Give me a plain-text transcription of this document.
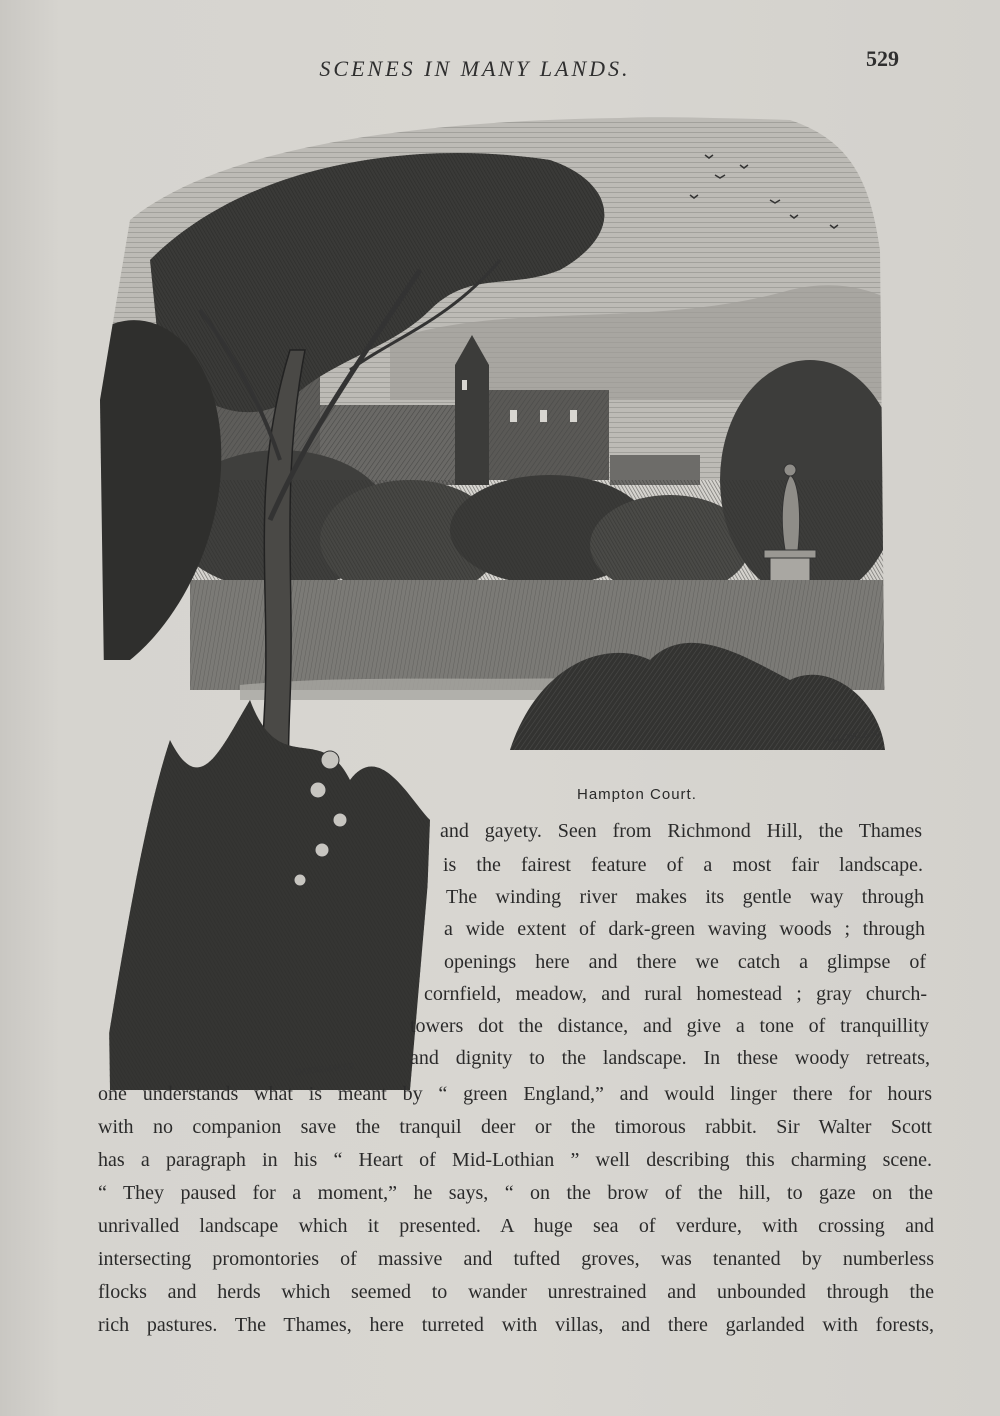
SCENES IN MANY LANDS.	529
DANNEMAKER
A.LLONG.E.Sc.
Hampton Court.
and gayety. Seen from Richmond Hill, the Thames
is the fairest feature of a most fair landscape.
The winding river makes its gentle way through
a wide extent of dark-green waving woods ; through
openings here and there we catch a glimpse of
cornfield, meadow, and rural homestead ; gray church-
towers dot the distance, and give a tone of tranquillity
and dignity to the landscape. In these woody retreats,
one understands what is meant by “ green England,” and would linger there for hours
with no companion save the tranquil deer or the timorous rabbit. Sir Walter Scott
has a paragraph in his “ Heart of Mid-Lothian ” well describing this charming scene.
“ They paused for a moment,” he says, “ on the brow of the hill, to gaze on the
unrivalled landscape which it presented. A huge sea of verdure, with crossing and
intersecting promontories of massive and tufted groves, was tenanted by numberless
flocks and herds which seemed to wander unrestrained and unbounded through the
rich pastures. The Thames, here turreted with villas, and there garlanded with forests,
